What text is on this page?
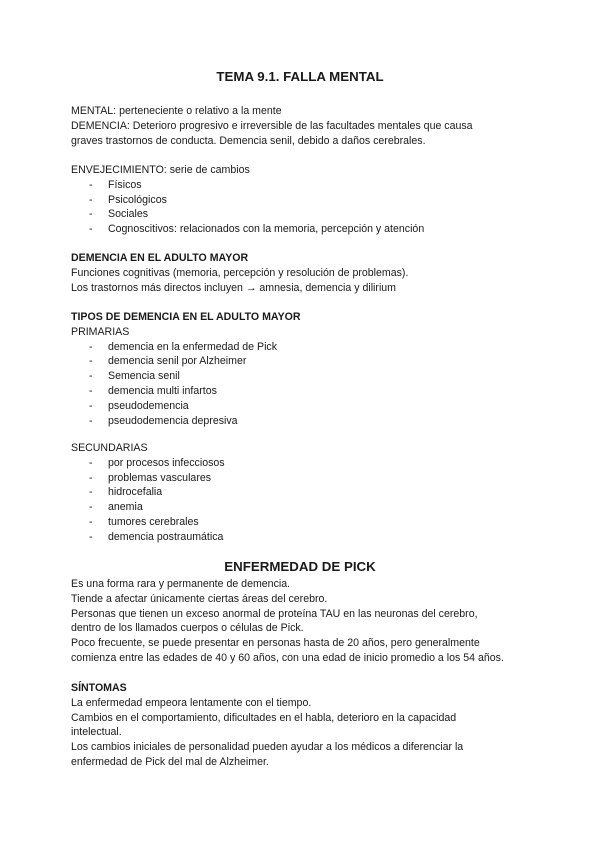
TEMA 9.1. FALLA MENTAL
MENTAL: perteneciente o relativo a la mente
DEMENCIA: Deterioro progresivo e irreversible de las facultades mentales que causa
graves trastornos de conducta. Demencia senil, debido a daños cerebrales.
ENVEJECIMIENTO: serie de cambios
- Físicos
- Psicológicos
- Sociales
- Cognoscitivos: relacionados con la memoria, percepción y atención
DEMENCIA EN EL ADULTO MAYOR
Funciones cognitivas (memoria, percepción y resolución de problemas).
Los trastornos más directos incluyen → amnesia, demencia y dilirium
TIPOS DE DEMENCIA EN EL ADULTO MAYOR
PRIMARIAS
- demencia en la enfermedad de Pick
- demencia senil por Alzheimer
- Semencia senil
- demencia multi infartos
- pseudodemencia
- pseudodemencia depresiva
SECUNDARIAS
- por procesos infecciosos
- problemas vasculares
- hidrocefalia
- anemia
- tumores cerebrales
- demencia postraumática
ENFERMEDAD DE PICK
Es una forma rara y permanente de demencia.
Tiende a afectar únicamente ciertas áreas del cerebro.
Personas que tienen un exceso anormal de proteína TAU en las neuronas del cerebro,
dentro de los llamados cuerpos o células de Pick.
Poco frecuente, se puede presentar en personas hasta de 20 años, pero generalmente
comienza entre las edades de 40 y 60 años, con una edad de inicio promedio a los 54 años.
SÍNTOMAS
La enfermedad empeora lentamente con el tiempo.
Cambios en el comportamiento, dificultades en el habla, deterioro en la capacidad
intelectual.
Los cambios iniciales de personalidad pueden ayudar a los médicos a diferenciar la
enfermedad de Pick del mal de Alzheimer.
